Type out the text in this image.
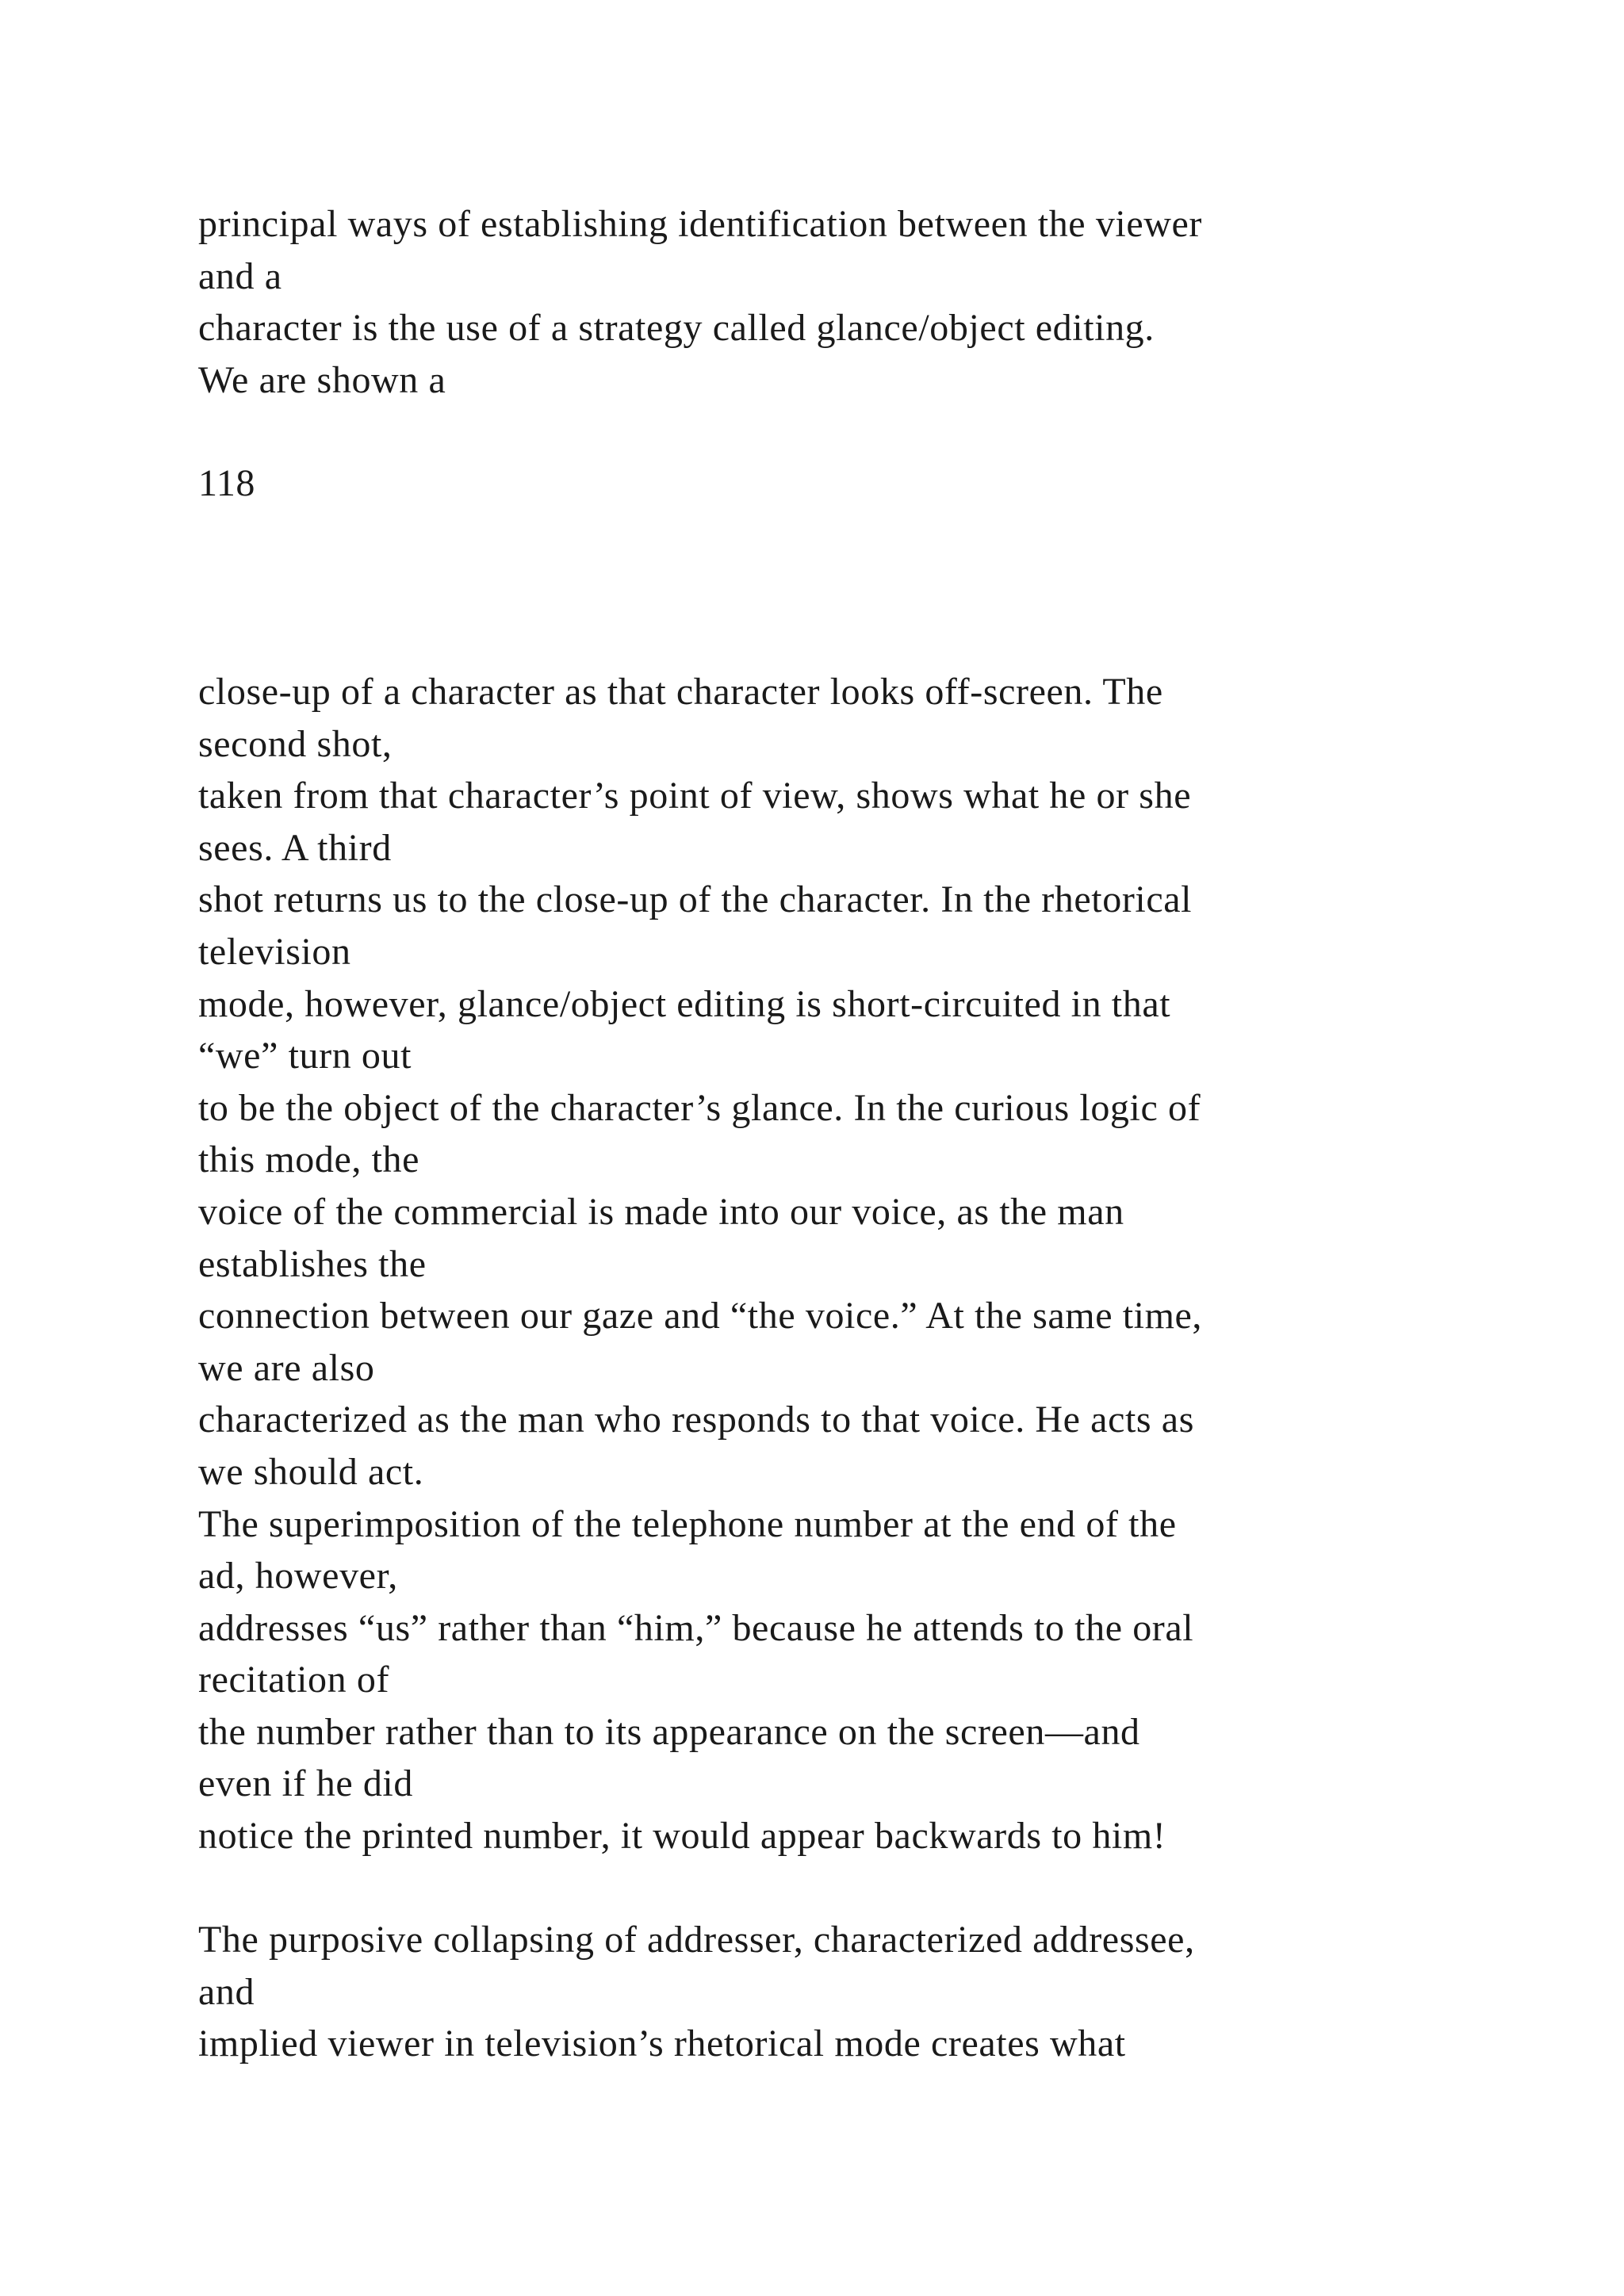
principal ways of establishing identification between the viewer
and a
character is the use of a strategy called glance/object editing.
We are shown a
118
close-up of a character as that character looks off-screen. The
second shot,
taken from that character’s point of view, shows what he or she
sees. A third
shot returns us to the close-up of the character. In the rhetorical
television
mode, however, glance/object editing is short-circuited in that
“we” turn out
to be the object of the character’s glance. In the curious logic of
this mode, the
voice of the commercial is made into our voice, as the man
establishes the
connection between our gaze and “the voice.” At the same time,
we are also
characterized as the man who responds to that voice. He acts as
we should act.
The superimposition of the telephone number at the end of the
ad, however,
addresses “us” rather than “him,” because he attends to the oral
recitation of
the number rather than to its appearance on the screen—and
even if he did
notice the printed number, it would appear backwards to him!
The purposive collapsing of addresser, characterized addressee,
and
implied viewer in television’s rhetorical mode creates what
